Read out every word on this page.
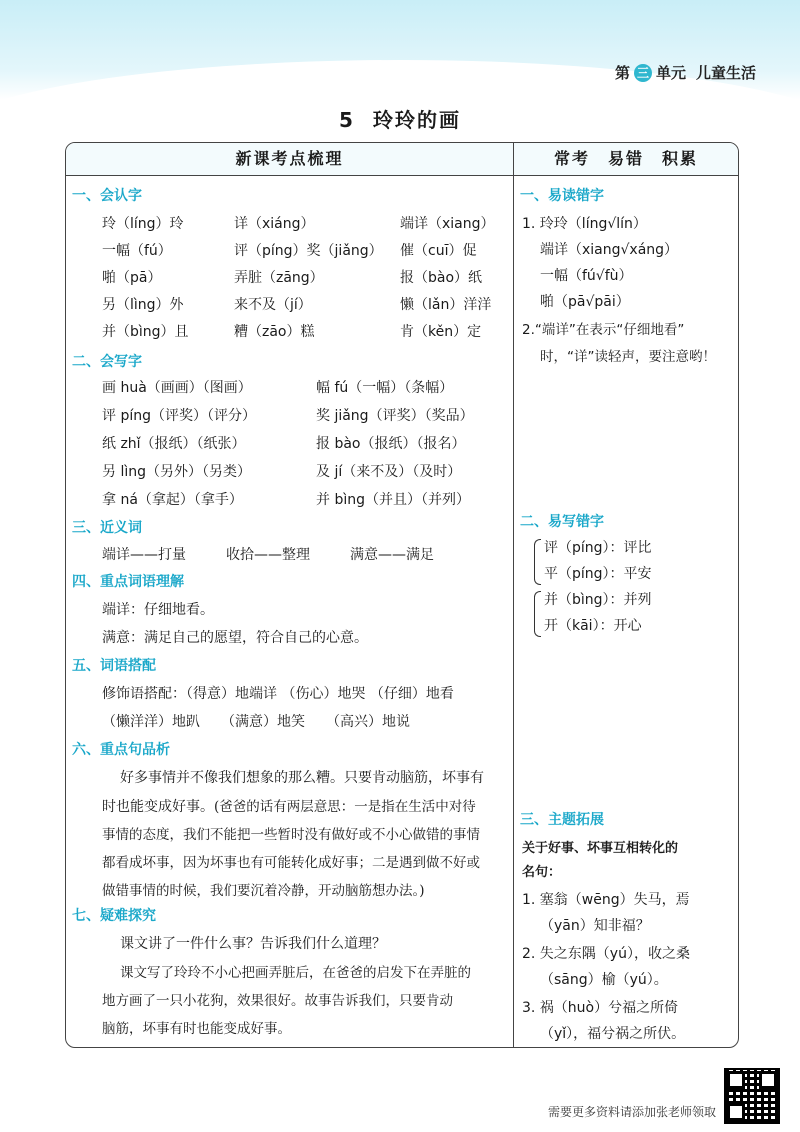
第 三 单元 儿童生活
5 玲玲的画
新课考点梳理
一、会认字
玲（líng）玲	详（xiáng）	端详（xiang）
一幅（fú）	评（píng）奖（jiǎng） 催（cuī）促
啪（pā）	弄脏（zāng）	报（bào）纸
另（lìng）外	来不及（jí）	懒（lǎn）洋洋
并（bìng）且	糟（zāo）糕	肯（kěn）定
二、会写字
画 huà（画画）（图画）	幅 fú（一幅）（条幅）
评 píng（评奖）（评分）	奖 jiǎng（评奖）（奖品）
纸 zhǐ（报纸）（纸张）	报 bào（报纸）（报名）
另 lìng（另外）（另类）	及 jí（来不及）（及时）
拿 ná（拿起）（拿手）	并 bìng（并且）（并列）
三、近义词
端详——打量	收拾——整理	满意——满足
四、重点词语理解
端详：仔细地看。
满意：满足自己的愿望，符合自己的心意。
五、词语搭配
修饰语搭配：（得意）地端详 （伤心）地哭 （仔细）地看
（懒洋洋）地趴　　（满意）地笑　　（高兴）地说
六、重点句品析
好多事情并不像我们想象的那么糟。只要肯动脑筋，坏事有
时也能变成好事。(爸爸的话有两层意思：一是指在生活中对待
事情的态度，我们不能把一些暂时没有做好或不小心做错的事情
都看成坏事，因为坏事也有可能转化成好事；二是遇到做不好或
做错事情的时候，我们要沉着冷静，开动脑筋想办法。)
七、疑难探究
课文讲了一件什么事？告诉我们什么道理？
课文写了玲玲不小心把画弄脏后，在爸爸的启发下在弄脏的
地方画了一只小花狗，效果很好。故事告诉我们，只要肯动
脑筋，坏事有时也能变成好事。
常考　易错　积累
一、易读错字
1. 玲玲（líng√lín）
端详（xiang√xáng）
一幅（fú√fù）
啪（pā√pāi）
2.“端详”在表示“仔细地看”
时，“详”读轻声，要注意哟！
二、易写错字
评（píng）：评比
平（píng）：平安
并（bìng）：并列
开（kāi）：开心
三、主题拓展
关于好事、坏事互相转化的
名句：
1. 塞翁（wēng）失马，焉
（yān）知非福？
2. 失之东隅（yú），收之桑
（sāng）榆（yú）。
3. 祸（huò）兮福之所倚
（yǐ），福兮祸之所伏。
需要更多资料请添加张老师领取
